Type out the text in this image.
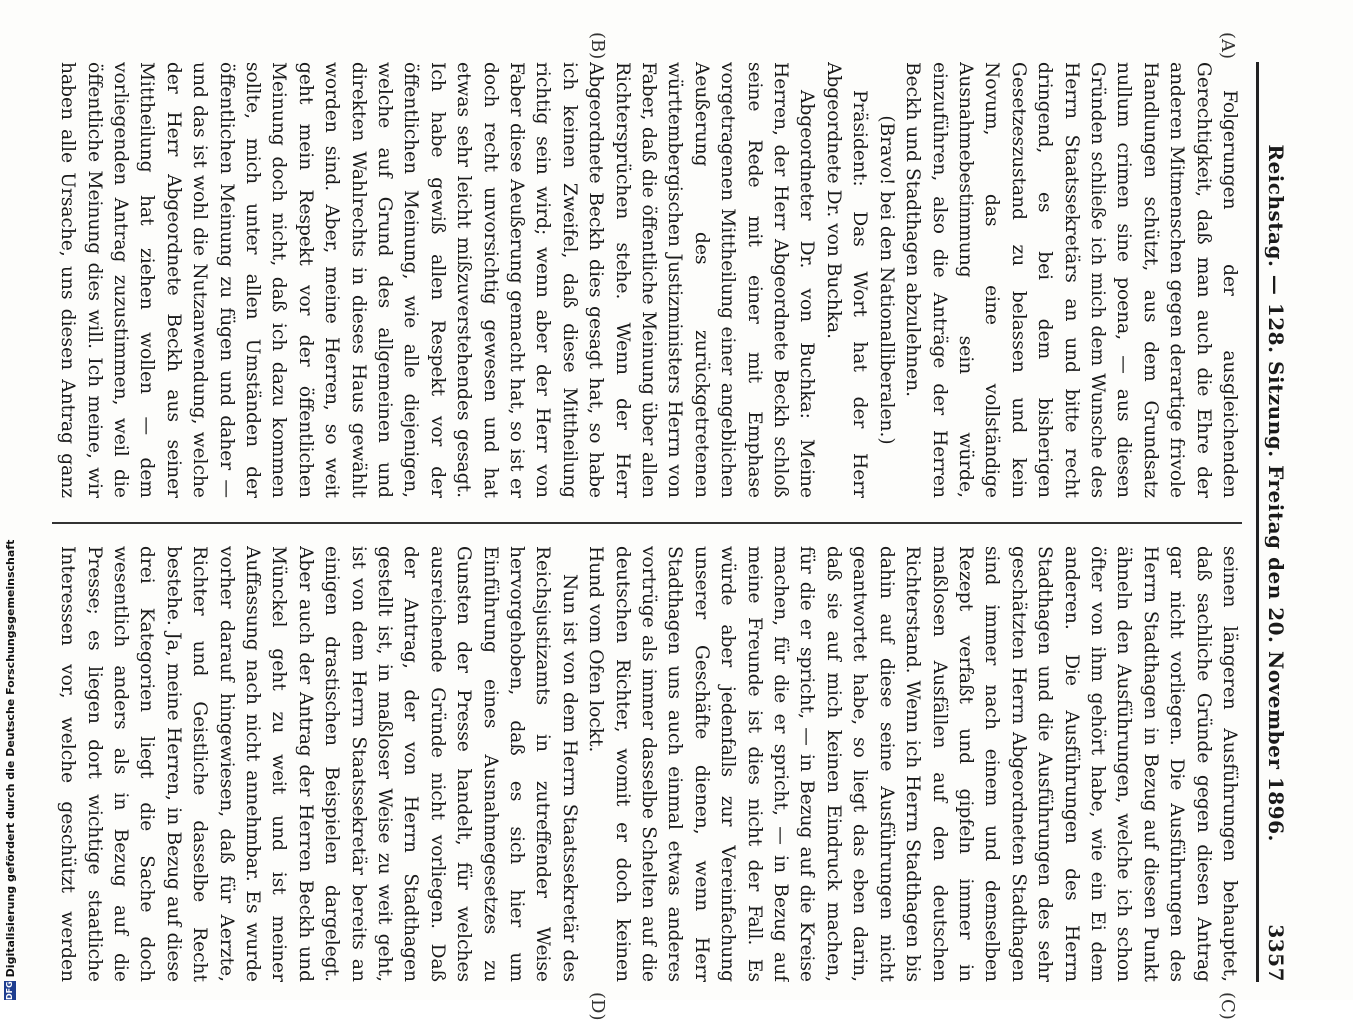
Reichstag. — 128. Sitzung. Freitag den 20. November 1896.
3357
(A)
(B)
(C)
(D)

Folgerungen der ausgleichenden Gerechtigkeit, daß man auch die Ehre der anderen Mitmenschen gegen derartige frivole Handlungen schützt, aus dem Grundsatz nullum crimen sine poena, — aus diesen Gründen schließe ich mich dem Wunsche des Herrn Staatssekretärs an und bitte recht dringend, es bei dem bisherigen Gesetzeszustand zu belassen und kein Novum, das eine vollständige Ausnahmebestimmung sein würde, einzuführen, also die Anträge der Herren Beckh und Stadthagen abzulehnen.

(Bravo! bei den Nationalliberalen.)

Präsident: Das Wort hat der Herr Abgeordnete Dr. von Buchka.

Abgeordneter Dr. von Buchka: Meine Herren, der Herr Abgeordnete Beckh schloß seine Rede mit einer mit Emphase vorgetragenen Mittheilung einer angeblichen Aeußerung des zurückgetretenen württembergischen Justizministers Herrn von Faber, daß die öffentliche Meinung über allen Richtersprüchen stehe. Wenn der Herr Abgeordnete Beckh dies gesagt hat, so habe ich keinen Zweifel, daß diese Mittheilung richtig sein wird; wenn aber der Herr von Faber diese Aeußerung gemacht hat, so ist er doch recht unvorsichtig gewesen und hat etwas sehr leicht mißzuverstehendes gesagt. Ich habe gewiß allen Respekt vor der öffentlichen Meinung, wie alle diejenigen, welche auf Grund des allgemeinen und direkten Wahlrechts in dieses Haus gewählt worden sind. Aber, meine Herren, so weit geht mein Respekt vor der öffentlichen Meinung doch nicht, daß ich dazu kommen sollte, mich unter allen Umständen der öffentlichen Meinung zu fügen und daher — und das ist wohl die Nutzanwendung, welche der Herr Abgeordnete Beckh aus seiner Mittheilung hat ziehen wollen — dem vorliegenden Antrag zuzustimmen, weil die öffentliche Meinung dies will. Ich meine, wir haben alle Ursache, uns diesen Antrag ganz

seinen längeren Ausführungen behauptet, daß sachliche Gründe gegen diesen Antrag gar nicht vorliegen. Die Ausführungen des Herrn Stadthagen in Bezug auf diesen Punkt ähneln den Ausführungen, welche ich schon öfter von ihm gehört habe, wie ein Ei dem anderen. Die Ausführungen des Herrn Stadthagen und die Ausführungen des sehr geschätzten Herrn Abgeordneten Stadthagen sind immer nach einem und demselben Rezept verfaßt und gipfeln immer in maßlosen Ausfällen auf den deutschen Richterstand. Wenn ich Herrn Stadthagen bis dahin auf diese seine Ausführungen nicht geantwortet habe, so liegt das eben darin, daß sie auf mich keinen Eindruck machen, für die er spricht, — in Bezug auf die Kreise machen, für die er spricht, — in Bezug auf meine Freunde ist dies nicht der Fall. Es würde aber jedenfalls zur Vereinfachung unserer Geschäfte dienen, wenn Herr Stadthagen uns auch einmal etwas anderes vortrüge als immer dasselbe Schelten auf die deutschen Richter, womit er doch keinen Hund vom Ofen lockt.

Nun ist von dem Herrn Staatssekretär des Reichsjustizamts in zutreffender Weise hervorgehoben, daß es sich hier um Einführung eines Ausnahmegesetzes zu Gunsten der Presse handelt, für welches ausreichende Gründe nicht vorliegen. Daß der Antrag, der von Herrn Stadthagen gestellt ist, in maßloser Weise zu weit geht, ist von dem Herrn Staatssekretär bereits an einigen drastischen Beispielen dargelegt. Aber auch der Antrag der Herren Beckh und Münckel geht zu weit und ist meiner Auffassung nach nicht annehmbar. Es wurde vorher darauf hingewiesen, daß für Aerzte, Richter und Geistliche dasselbe Recht bestehe. Ja, meine Herren, in Bezug auf diese drei Kategorien liegt die Sache doch wesentlich anders als in Bezug auf die Presse; es liegen dort wichtige staatliche Interessen vor, welche geschützt werden

DFG
Digitalisierung gefördert durch die Deutsche Forschungsgemeinschaft
